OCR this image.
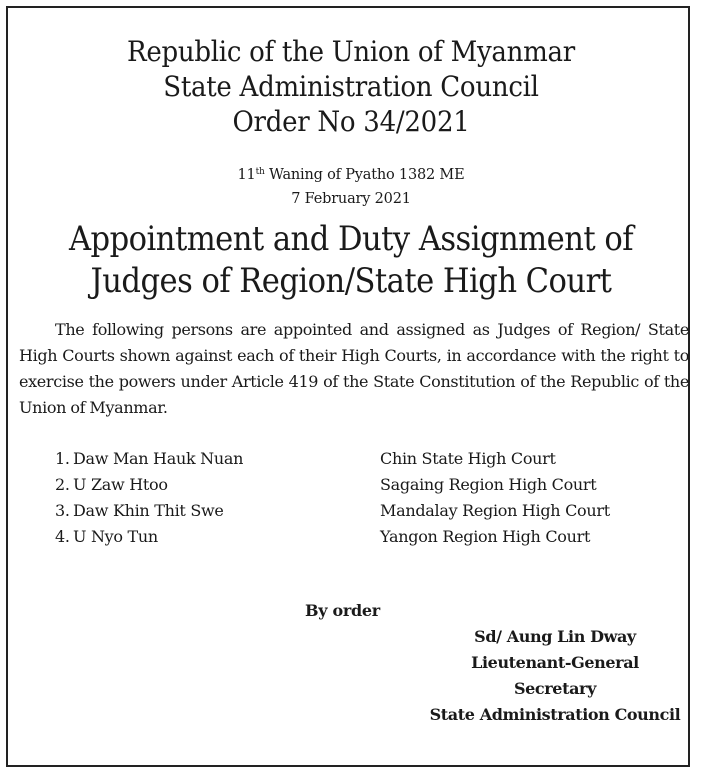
Republic of the Union of Myanmar
State Administration Council
Order No 34/2021
11th Waning of Pyatho 1382 ME
7 February 2021
Appointment and Duty Assignment of
Judges of Region/State High Court
The following persons are appointed and assigned as Judges of Region/ State High Courts shown against each of their High Courts, in accordance with the right to exercise the powers under Article 419 of the State Constitution of the Republic of the Union of Myanmar.
1. Daw Man Hauk Nuan	Chin State High Court
2. U Zaw Htoo	Sagaing Region High Court
3. Daw Khin Thit Swe	Mandalay Region High Court
4. U Nyo Tun	Yangon Region High Court
By order
Sd/ Aung Lin Dway
Lieutenant-General
Secretary
State Administration Council
